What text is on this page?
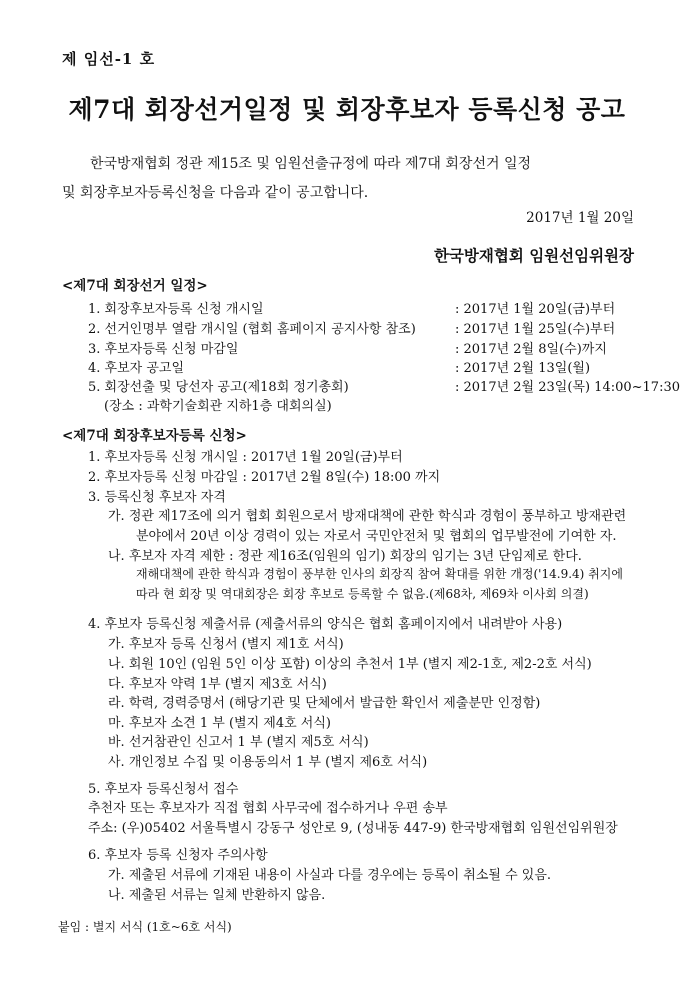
제 임선-1 호
제7대 회장선거일정 및 회장후보자 등록신청 공고

한국방재협회 정관 제15조 및 임원선출규정에 따라 제7대 회장선거 일정

및 회장후보자등록신청을 다음과 같이 공고합니다.
2017년 1월 20일
한국방재협회 임원선임위원장
<제7대 회장선거 일정>
1. 회장후보자등록 신청 개시일	: 2017년 1월 20일(금)부터
2. 선거인명부 열람 개시일 (협회 홈페이지 공지사항 참조)	: 2017년 1월 25일(수)부터
3. 후보자등록 신청 마감일	: 2017년 2월 8일(수)까지
4. 후보자 공고일	: 2017년 2월 13일(월)
5. 회장선출 및 당선자 공고(제18회 정기총회)	: 2017년 2월 23일(목) 14:00~17:30
(장소 : 과학기술회관 지하1층 대회의실)
<제7대 회장후보자등록 신청>
1. 후보자등록 신청 개시일 : 2017년 1월 20일(금)부터
2. 후보자등록 신청 마감일 : 2017년 2월 8일(수) 18:00 까지
3. 등록신청 후보자 자격
가. 정관 제17조에 의거 협회 회원으로서 방재대책에 관한 학식과 경험이 풍부하고 방재관련
분야에서 20년 이상 경력이 있는 자로서 국민안전처 및 협회의 업무발전에 기여한 자.
나. 후보자 자격 제한 : 정관 제16조(임원의 임기) 회장의 임기는 3년 단임제로 한다.
재해대책에 관한 학식과 경험이 풍부한 인사의 회장직 참여 확대를 위한 개정('14.9.4) 취지에
따라 현 회장 및 역대회장은 회장 후보로 등록할 수 없음.(제68차, 제69차 이사회 의결)
4. 후보자 등록신청 제출서류 (제출서류의 양식은 협회 홈페이지에서 내려받아 사용)
가. 후보자 등록 신청서 (별지 제1호 서식)
나. 회원 10인 (임원 5인 이상 포함) 이상의 추천서 1부 (별지 제2-1호, 제2-2호 서식)
다. 후보자 약력 1부 (별지 제3호 서식)
라. 학력, 경력증명서 (해당기관 및 단체에서 발급한 확인서 제출분만 인정함)
마. 후보자 소견 1 부 (별지 제4호 서식)
바. 선거참관인 신고서 1 부 (별지 제5호 서식)
사. 개인정보 수집 및 이용동의서 1 부 (별지 제6호 서식)
5. 후보자 등록신청서 접수
추천자 또는 후보자가 직접 협회 사무국에 접수하거나 우편 송부
주소: (우)05402 서울특별시 강동구 성안로 9, (성내동 447-9) 한국방재협회 임원선임위원장
6. 후보자 등록 신청자 주의사항
가. 제출된 서류에 기재된 내용이 사실과 다를 경우에는 등록이 취소될 수 있음.
나. 제출된 서류는 일체 반환하지 않음.
붙임 : 별지 서식 (1호~6호 서식)
